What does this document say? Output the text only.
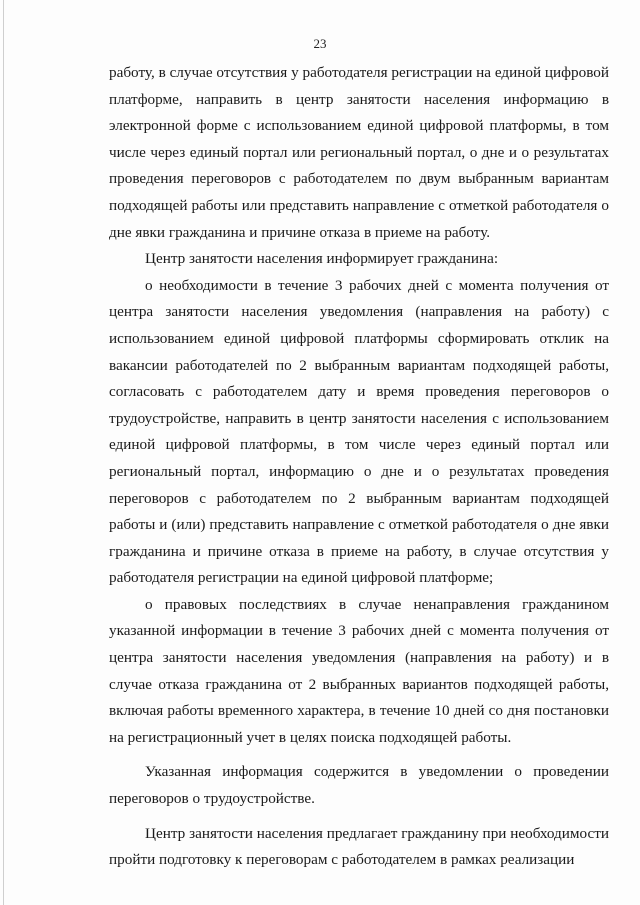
23

работу, в случае отсутствия у работодателя регистрации на единой цифровой платформе, направить в центр занятости населения информацию в электронной форме с использованием единой цифровой платформы, в том числе через единый портал или региональный портал, о дне и о результатах проведения переговоров с работодателем по двум выбранным вариантам подходящей работы или представить направление с отметкой работодателя о дне явки гражданина и причине отказа в приеме на работу.

Центр занятости населения информирует гражданина:

о необходимости в течение 3 рабочих дней с момента получения от центра занятости населения уведомления (направления на работу) с использованием единой цифровой платформы сформировать отклик на вакансии работодателей по 2 выбранным вариантам подходящей работы, согласовать с работодателем дату и время проведения переговоров о трудоустройстве, направить в центр занятости населения с использованием единой цифровой платформы, в том числе через единый портал или региональный портал, информацию о дне и о результатах проведения переговоров с работодателем по 2 выбранным вариантам подходящей работы и (или) представить направление с отметкой работодателя о дне явки гражданина и причине отказа в приеме на работу, в случае отсутствия у работодателя регистрации на единой цифровой платформе;

о правовых последствиях в случае ненаправления гражданином указанной информации в течение 3 рабочих дней с момента получения от центра занятости населения уведомления (направления на работу) и в случае отказа гражданина от 2 выбранных вариантов подходящей работы, включая работы временного характера, в течение 10 дней со дня постановки на регистрационный учет в целях поиска подходящей работы.

Указанная информация содержится в уведомлении о проведении переговоров о трудоустройстве.

Центр занятости населения предлагает гражданину при необходимости пройти подготовку к переговорам с работодателем в рамках реализации
